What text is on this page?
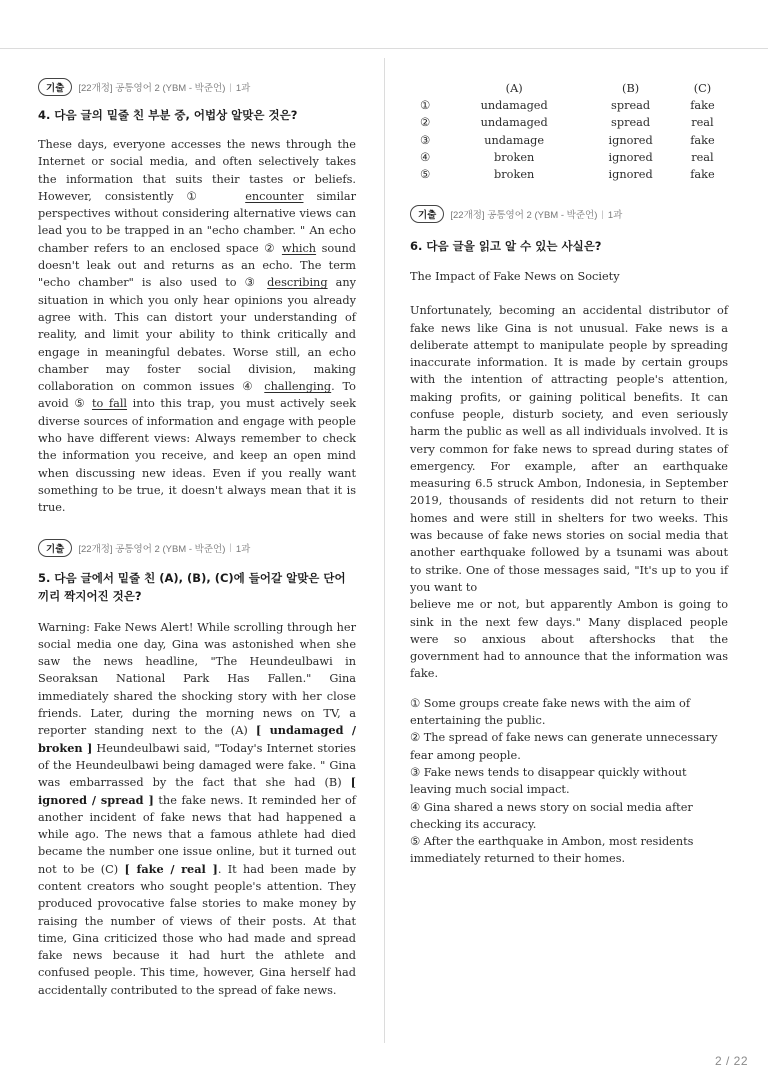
기출	[22개정] 공통영어 2 (YBM - 박준언) | 1과
4. 다음 글의 밑줄 친 부분 중, 어법상 알맞은 것은?
These days, everyone accesses the news through the Internet or social media, and often selectively takes the information that suits their tastes or beliefs. However, consistently ①	encounter similar perspectives without considering alternative views can lead you to be trapped in an "echo chamber. " An echo chamber refers to an enclosed space ② which sound doesn't leak out and returns as an echo. The term "echo chamber" is also used to ③ describing any situation in which you only hear opinions you already agree with. This can distort your understanding of reality, and limit your ability to think critically and engage in meaningful debates. Worse still, an echo chamber may foster social division, making collaboration on common issues ④ challenging. To avoid ⑤ to fall into this trap, you must actively seek diverse sources of information and engage with people who have different views: Always remember to check the information you receive, and keep an open mind when discussing new ideas. Even if you really want something to be true, it doesn't always mean that it is true.
기출	[22개정] 공통영어 2 (YBM - 박준언) | 1과
5. 다음 글에서 밑줄 친 (A), (B), (C)에 들어갈 알맞은 단어끼리 짝지어진 것은?
Warning: Fake News Alert! While scrolling through her social media one day, Gina was astonished when she saw the news headline, "The Heundeulbawi in Seoraksan National Park Has Fallen." Gina immediately shared the shocking story with her close friends. Later, during the morning news on TV, a reporter standing next to the (A) [ undamaged / broken ] Heundeulbawi said, "Today's Internet stories of the Heundeulbawi being damaged were fake. " Gina was embarrassed by the fact that she had (B) [ ignored / spread ] the fake news. It reminded her of another incident of fake news that had happened a while ago. The news that a famous athlete had died became the number one issue online, but it turned out not to be (C) [ fake / real ]. It had been made by content creators who sought people's attention. They produced provocative false stories to make money by raising the number of views of their posts. At that time, Gina criticized those who had made and spread fake news because it had hurt the athlete and confused people. This time, however, Gina herself had accidentally contributed to the spread of fake news.
	(A)	(B)	(C)
①	undamaged	spread	fake
②	undamaged	spread	real
③	undamage	ignored	fake
④	broken	ignored	real
⑤	broken	ignored	fake
기출	[22개정] 공통영어 2 (YBM - 박준언) | 1과
6. 다음 글을 읽고 알 수 있는 사실은?
The Impact of Fake News on Society
Unfortunately, becoming an accidental distributor of fake news like Gina is not unusual. Fake news is a deliberate attempt to manipulate people by spreading inaccurate information. It is made by certain groups with the intention of attracting people's attention, making profits, or gaining political benefits. It can confuse people, disturb society, and even seriously harm the public as well as all individuals involved. It is very common for fake news to spread during states of emergency. For example, after an earthquake measuring 6.5 struck Ambon, Indonesia, in September 2019, thousands of residents did not return to their homes and were still in shelters for two weeks. This was because of fake news stories on social media that another earthquake followed by a tsunami was about to strike. One of those messages said, "It's up to you if you want to
believe me or not, but apparently Ambon is going to sink in the next few days." Many displaced people were so anxious about aftershocks that the government had to announce that the information was fake.
① Some groups create fake news with the aim of entertaining the public.
② The spread of fake news can generate unnecessary fear among people.
③ Fake news tends to disappear quickly without leaving much social impact.
④ Gina shared a news story on social media after checking its accuracy.
⑤ After the earthquake in Ambon, most residents immediately returned to their homes.
2 / 22
